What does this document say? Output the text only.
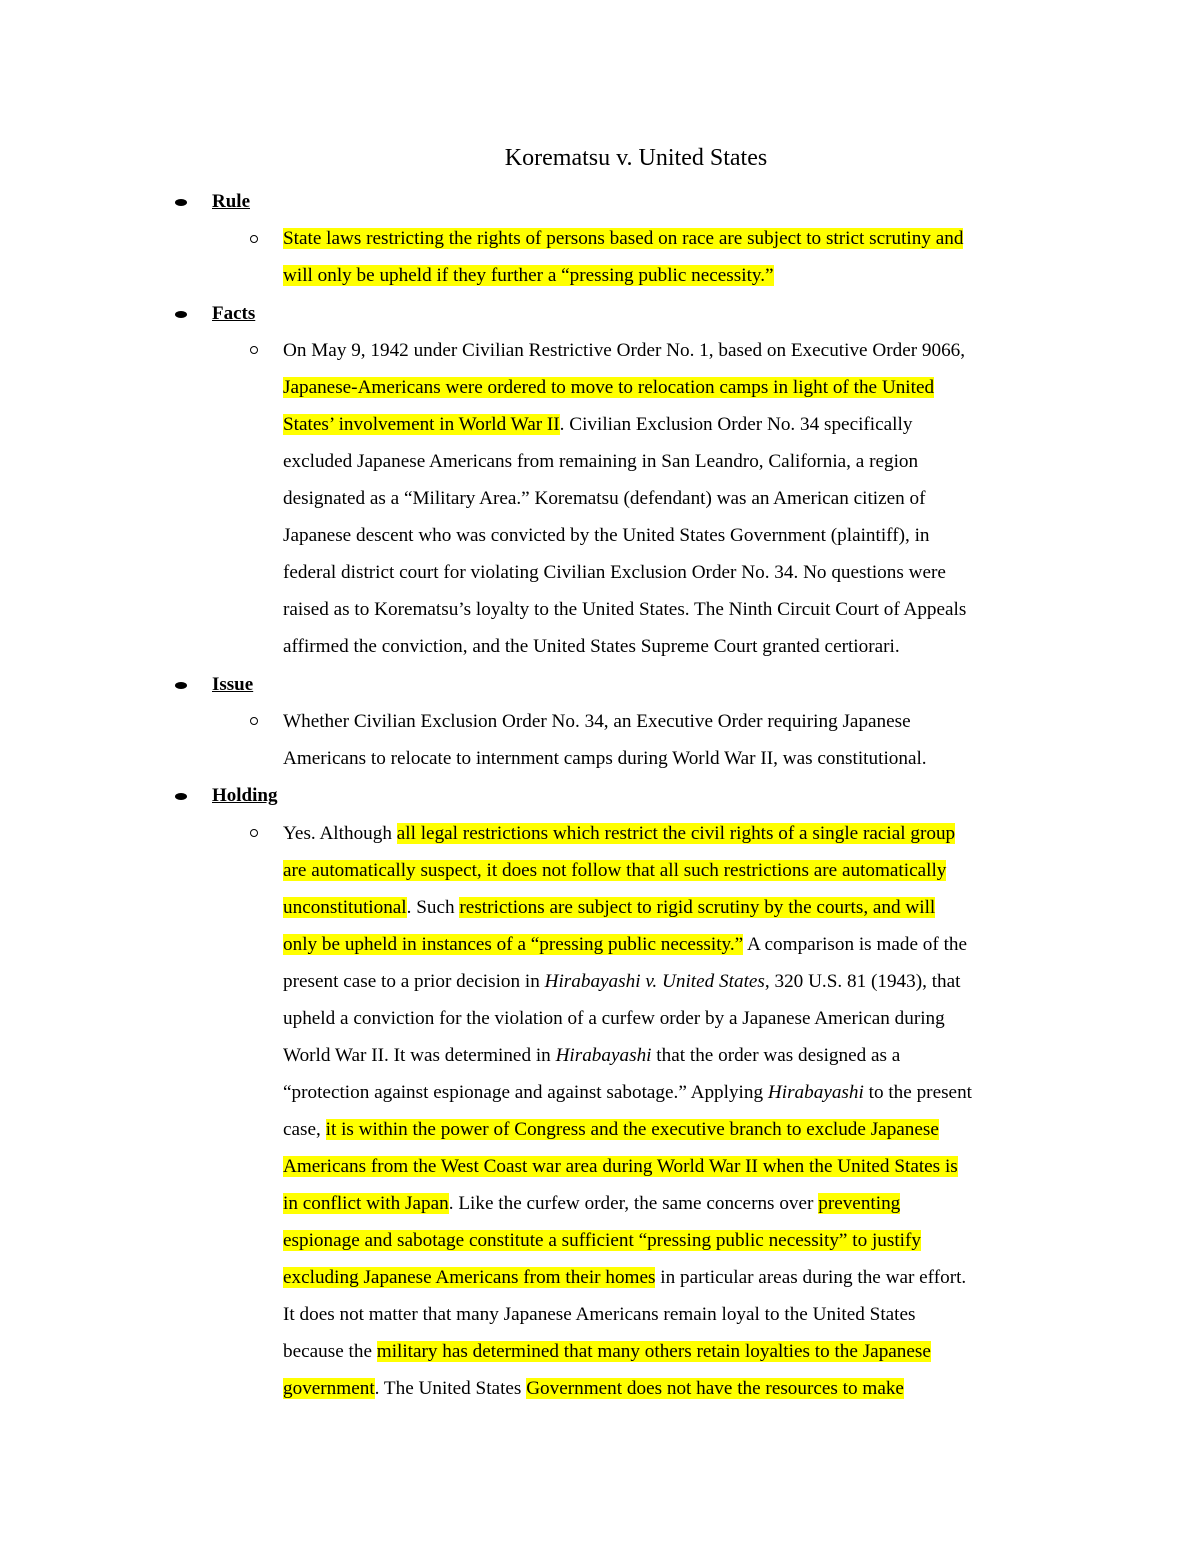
Korematsu v. United States
Rule
State laws restricting the rights of persons based on race are subject to strict scrutiny and
will only be upheld if they further a “pressing public necessity.”
Facts
On May 9, 1942 under Civilian Restrictive Order No. 1, based on Executive Order 9066,
Japanese-Americans were ordered to move to relocation camps in light of the United
States’ involvement in World War II. Civilian Exclusion Order No. 34 specifically
excluded Japanese Americans from remaining in San Leandro, California, a region
designated as a “Military Area.” Korematsu (defendant) was an American citizen of
Japanese descent who was convicted by the United States Government (plaintiff), in
federal district court for violating Civilian Exclusion Order No. 34. No questions were
raised as to Korematsu’s loyalty to the United States. The Ninth Circuit Court of Appeals
affirmed the conviction, and the United States Supreme Court granted certiorari.
Issue
Whether Civilian Exclusion Order No. 34, an Executive Order requiring Japanese
Americans to relocate to internment camps during World War II, was constitutional.
Holding
Yes. Although all legal restrictions which restrict the civil rights of a single racial group
are automatically suspect, it does not follow that all such restrictions are automatically
unconstitutional. Such restrictions are subject to rigid scrutiny by the courts, and will
only be upheld in instances of a “pressing public necessity.” A comparison is made of the
present case to a prior decision in Hirabayashi v. United States, 320 U.S. 81 (1943), that
upheld a conviction for the violation of a curfew order by a Japanese American during
World War II. It was determined in Hirabayashi that the order was designed as a
“protection against espionage and against sabotage.” Applying Hirabayashi to the present
case, it is within the power of Congress and the executive branch to exclude Japanese
Americans from the West Coast war area during World War II when the United States is
in conflict with Japan. Like the curfew order, the same concerns over preventing
espionage and sabotage constitute a sufficient “pressing public necessity” to justify
excluding Japanese Americans from their homes in particular areas during the war effort.
It does not matter that many Japanese Americans remain loyal to the United States
because the military has determined that many others retain loyalties to the Japanese
government. The United States Government does not have the resources to make
